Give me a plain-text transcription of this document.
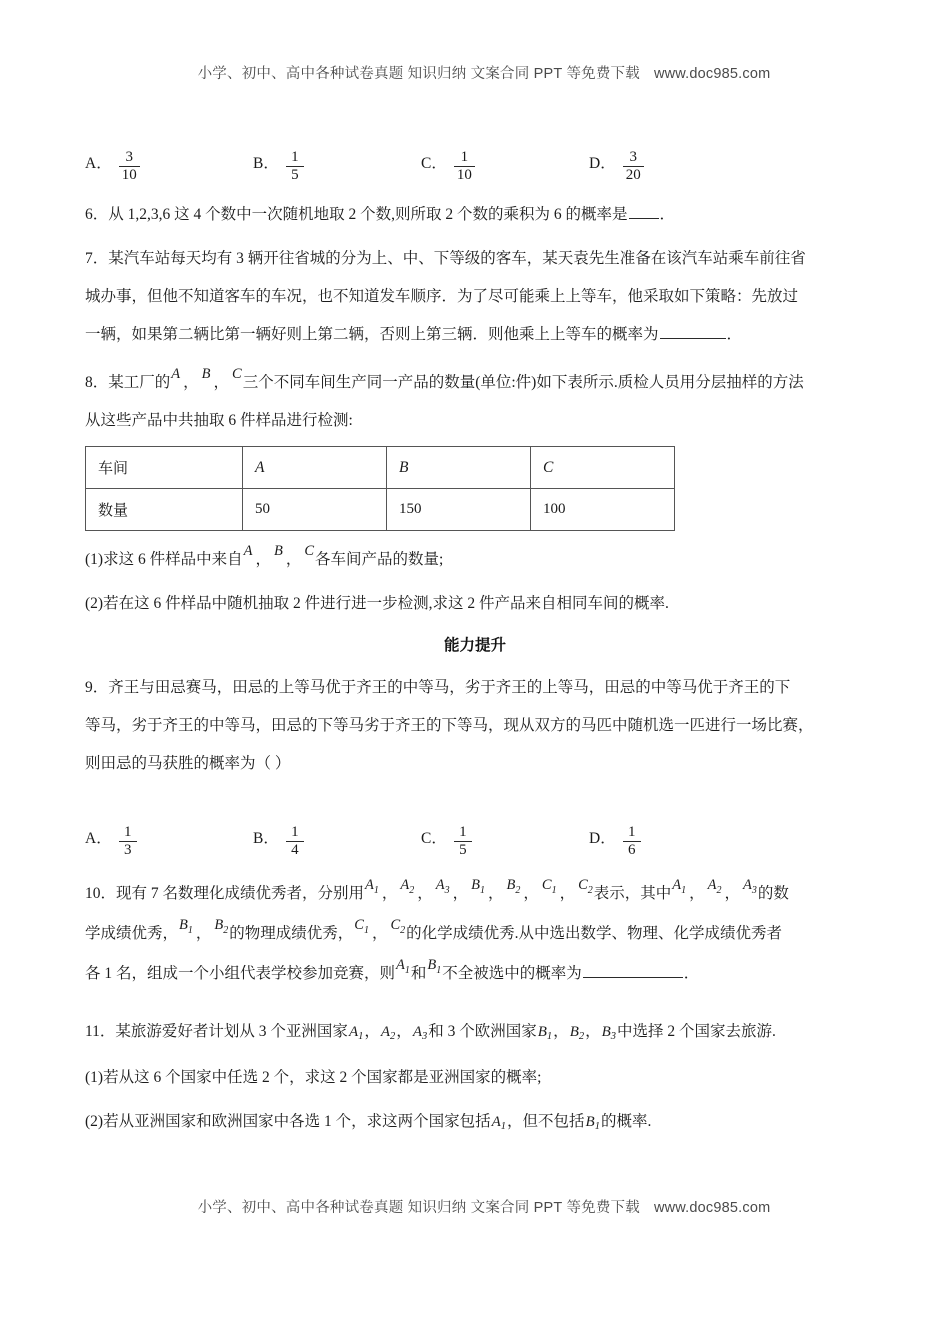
小学、初中、高中各种试卷真题 知识归纳 文案合同 PPT 等免费下载 www.doc985.com
A． $\frac{3}{10}$	B． $\frac{1}{5}$	C． $\frac{1}{10}$	D． $\frac{3}{20}$
6．从 1,2,3,6 这 4 个数中一次随机地取 2 个数,则所取 2 个数的乘积为 6 的概率是 ．
7．某汽车站每天均有 3 辆开往省城的分为上、中、下等级的客车，某天袁先生准备在该汽车站乘车前往省
城办事，但他不知道客车的车况，也不知道发车顺序．为了尽可能乘上上等车，他采取如下策略：先放过
一辆，如果第二辆比第一辆好则上第二辆，否则上第三辆．则他乘上上等车的概率为	．
8．某工厂的A ， B ， C三个不同车间生产同一产品的数量(单位:件)如下表所示.质检人员用分层抽样的方法
从这些产品中共抽取 6 件样品进行检测:
车间	A	B	C
数量	50	150	100
(1)求这 6 件样品中来自A ， B ， C各车间产品的数量;
(2)若在这 6 件样品中随机抽取 2 件进行进一步检测,求这 2 件产品来自相同车间的概率.
能力提升
9．齐王与田忌赛马，田忌的上等马优于齐王的中等马，劣于齐王的上等马，田忌的中等马优于齐王的下
等马，劣于齐王的中等马，田忌的下等马劣于齐王的下等马，现从双方的马匹中随机选一匹进行一场比赛，
则田忌的马获胜的概率为（ ）
A． $\frac{1}{3}$	B． $\frac{1}{4}$	C． $\frac{1}{5}$	D． $\frac{1}{6}$
10．现有 7 名数理化成绩优秀者，分别用$A_1$ ， $A_2$ ， $A_3$ ， $B_1$ ， $B_2$ ， $C_1$ ， $C_2$表示，其中$A_1$ ， $A_2$ ， $A_3$的数
学成绩优秀，$B_1$ ， $B_2$的物理成绩优秀，$C_1$ ， $C_2$的化学成绩优秀.从中选出数学、物理、化学成绩优秀者
各 1 名，组成一个小组代表学校参加竞赛，则$A_1$和$B_1$不全被选中的概率为	．
11．某旅游爱好者计划从 3 个亚洲国家$A_1$，$A_2$，$A_3$和 3 个欧洲国家$B_1$，$B_2$，$B_3$中选择 2 个国家去旅游.
(1)若从这 6 个国家中任选 2 个，求这 2 个国家都是亚洲国家的概率;
(2)若从亚洲国家和欧洲国家中各选 1 个，求这两个国家包括$A_1$，但不包括$B_1$的概率.
小学、初中、高中各种试卷真题 知识归纳 文案合同 PPT 等免费下载 www.doc985.com
